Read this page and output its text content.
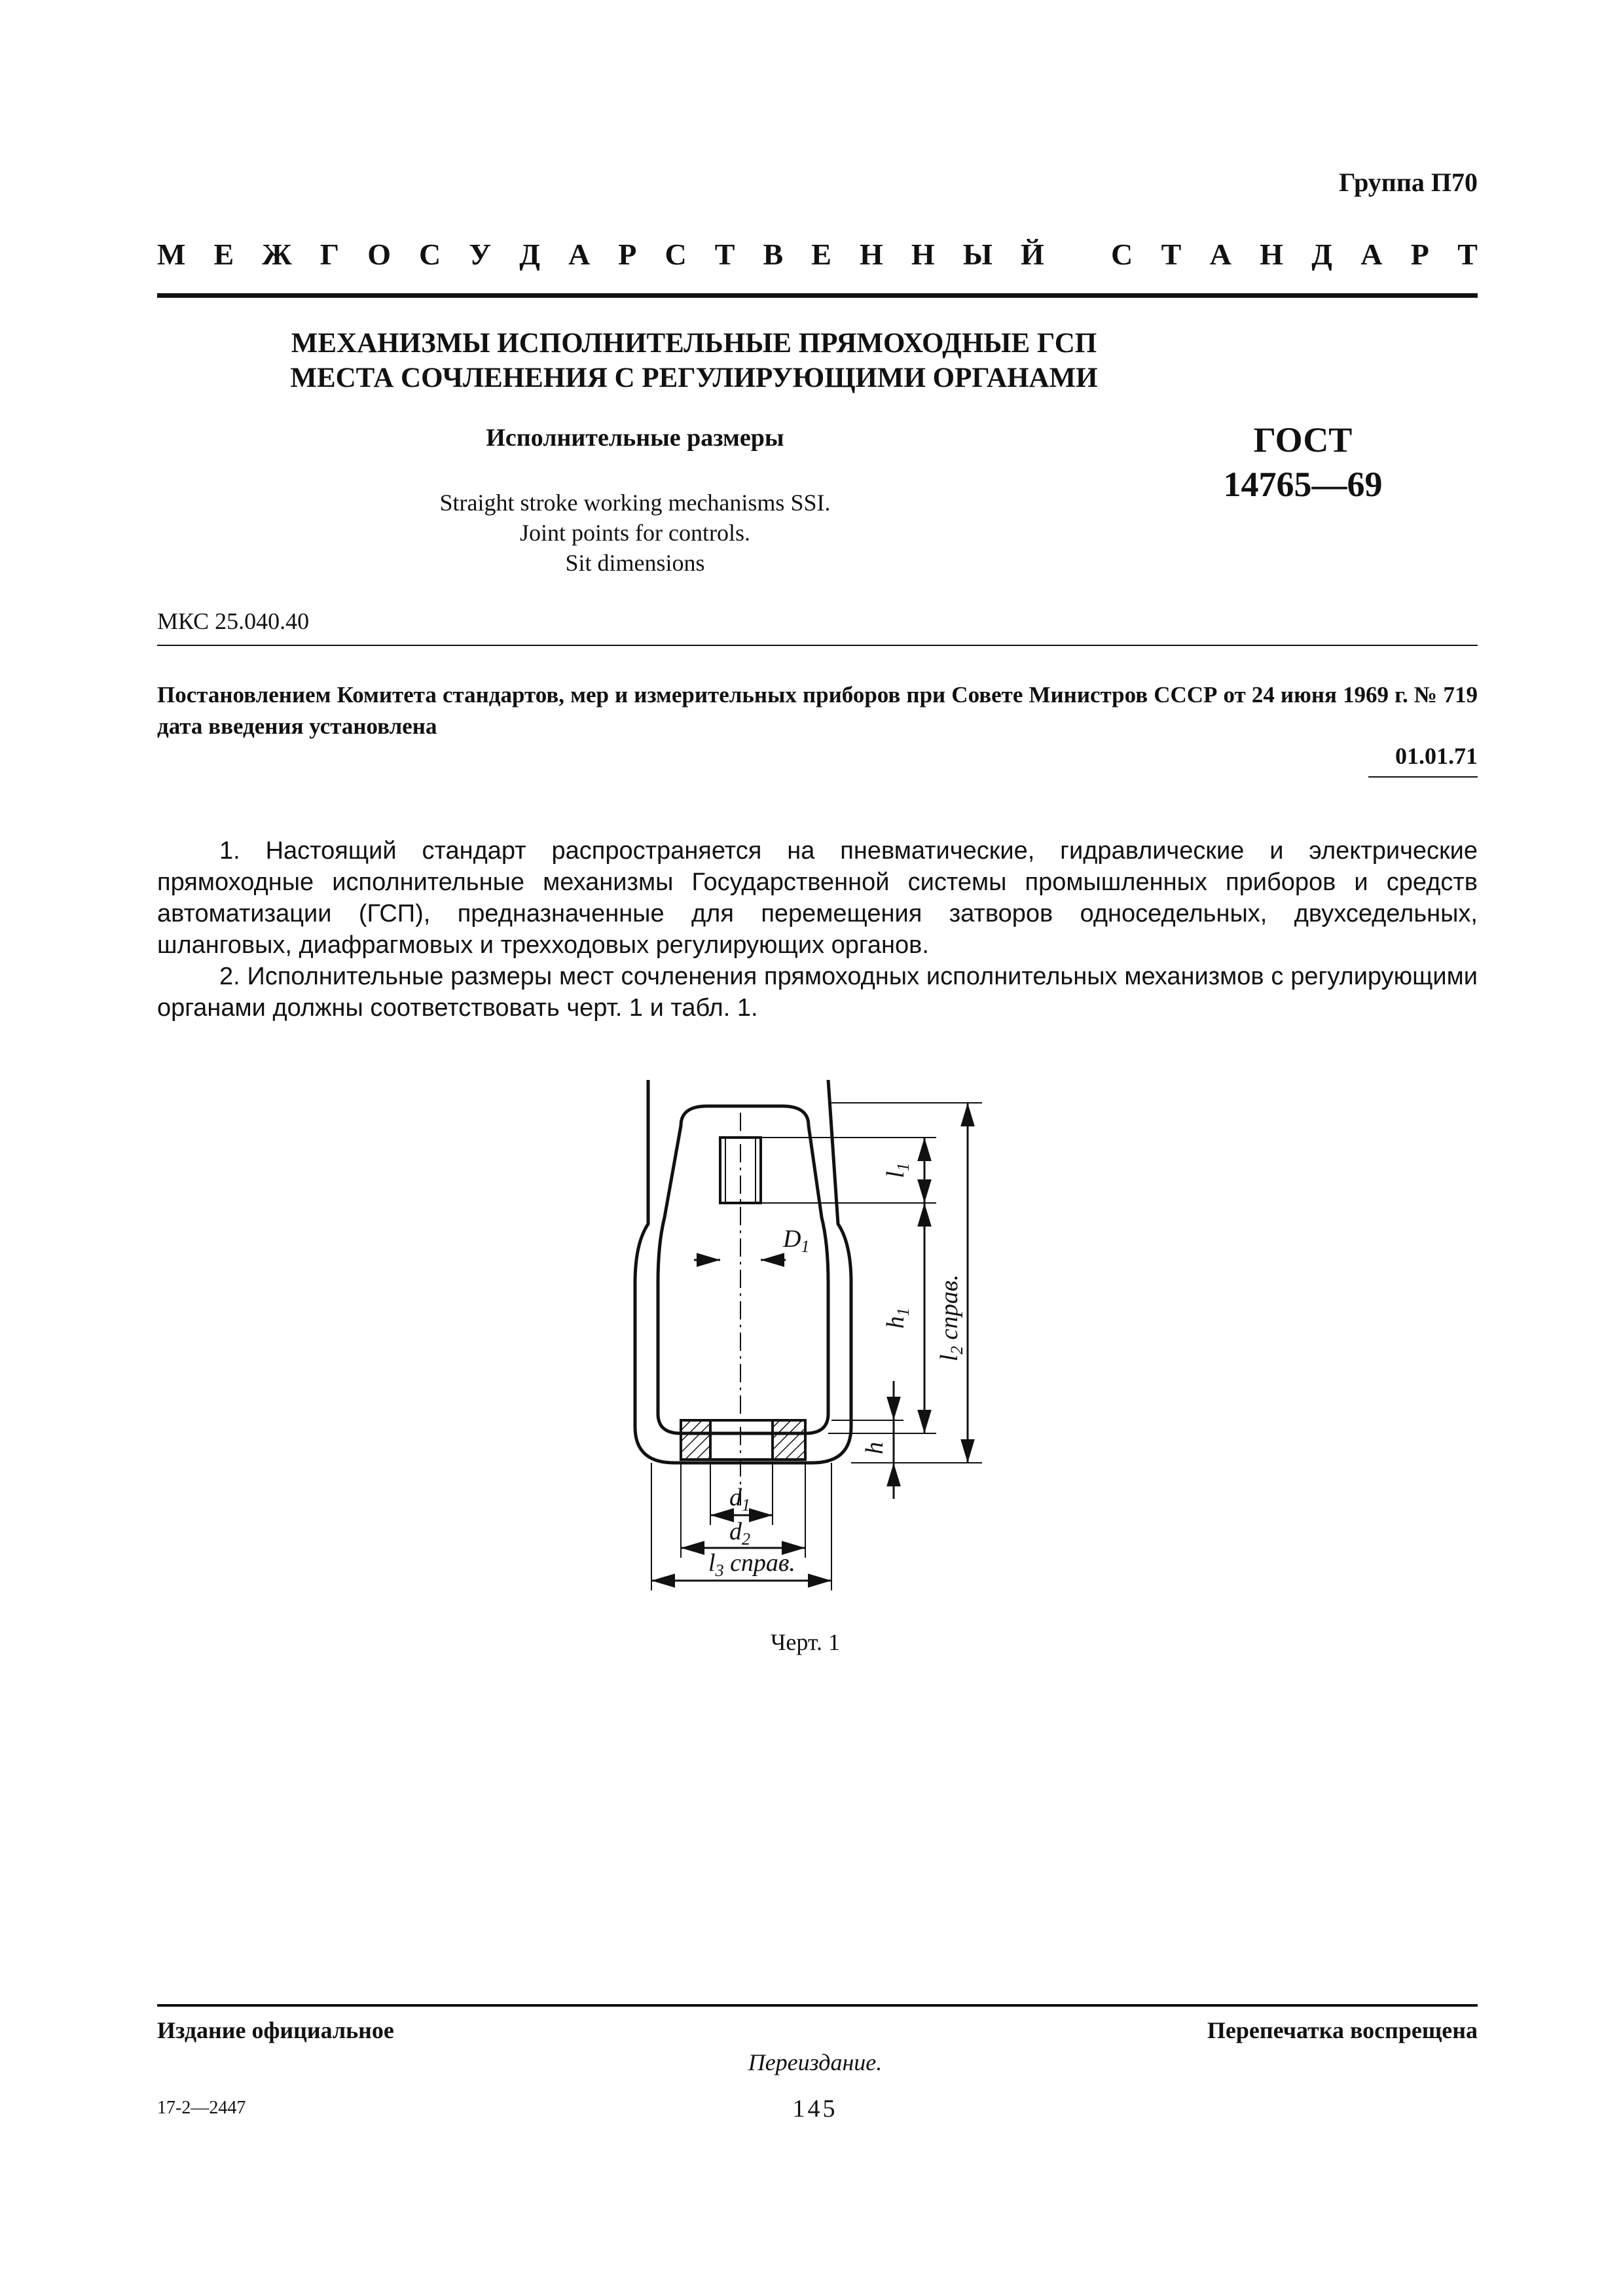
Группа П70
М Е Ж Г О С У Д А Р С Т В Е Н Н Ы Й С Т А Н Д А Р Т
МЕХАНИЗМЫ ИСПОЛНИТЕЛЬНЫЕ ПРЯМОХОДНЫЕ ГСП
МЕСТА СОЧЛЕНЕНИЯ С РЕГУЛИРУЮЩИМИ ОРГАНАМИ
Исполнительные размеры
Straight stroke working mechanisms SSI.
Joint points for controls.
Sit dimensions
ГОСТ
14765—69
МКС 25.040.40
Постановлением Комитета стандартов, мер и измерительных приборов при Совете Министров СССР от 24 июня 1969 г. № 719 дата введения установлена
01.01.71

1. Настоящий стандарт распространяется на пневматические, гидравлические и электрические прямоходные исполнительные механизмы Государственной системы промышленных приборов и средств автоматизации (ГСП), предназначенные для перемещения затворов односедельных, двухседельных, шланговых, диафрагмовых и трехходовых регулирующих органов.

2. Исполнительные размеры мест сочленения прямоходных исполнительных механизмов с регулирующими органами должны соответствовать черт. 1 и табл. 1.

$l_1$
$D_1$
$h_1$
$l_2$ справ.
h
$d_1$
$d_2$
$l_3$ справ.
Черт. 1
Издание официальное	Перепечатка воспрещена
Переиздание.
17-2—2447	145
